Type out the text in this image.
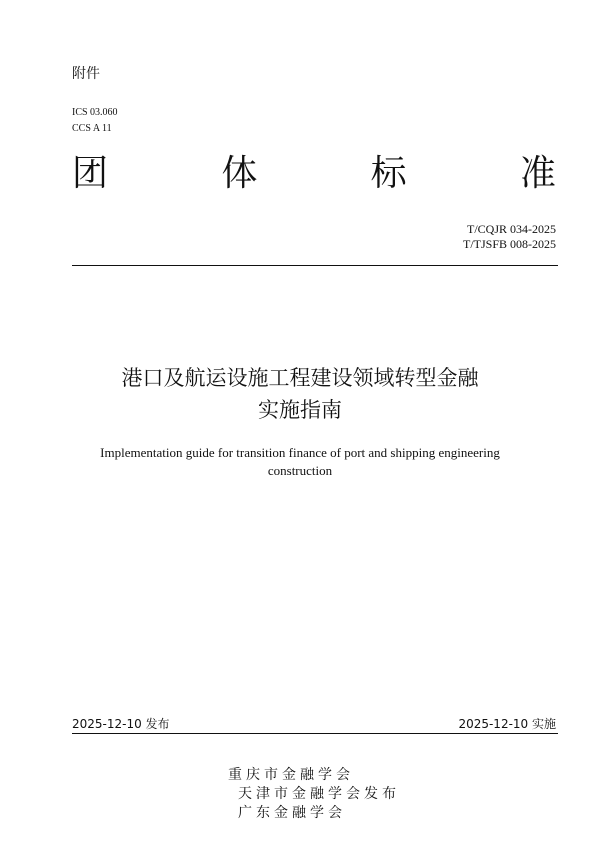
附件
ICS 03.060
CCS A 11
团	体	标	准
T/CQJR 034-2025
T/TJSFB 008-2025
港口及航运设施工程建设领域转型金融
实施指南
Implementation guide for transition finance of port and shipping engineering
construction
2025-12-10 发布	2025-12-10 实施
重庆市金融学会
天津市金融学会发布
广东金融学会
